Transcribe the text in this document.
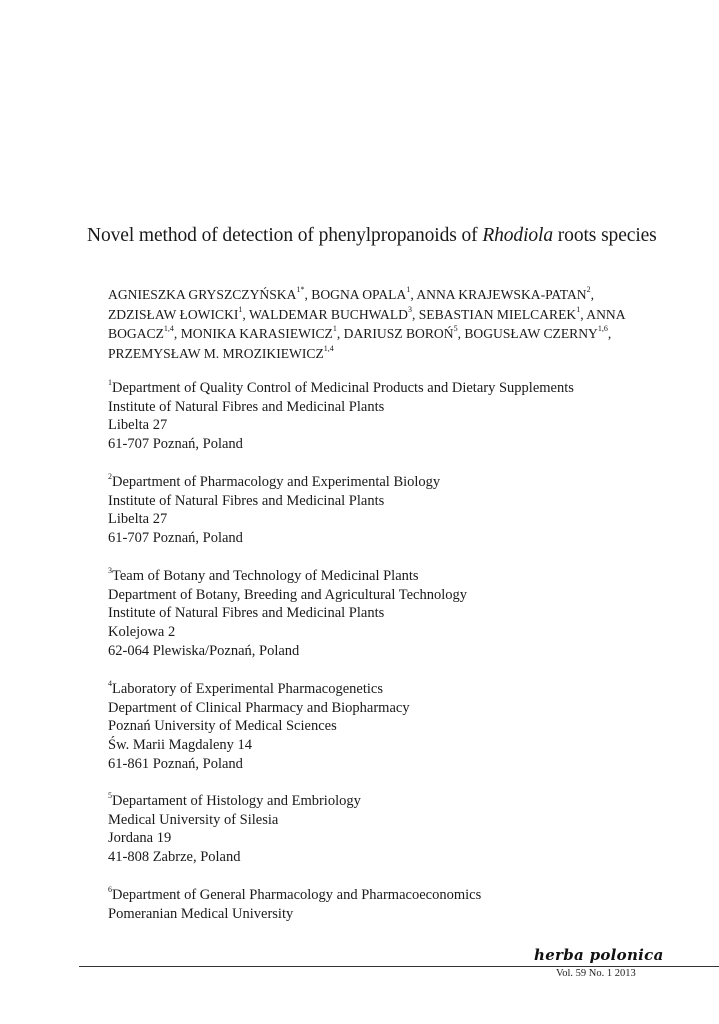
Novel method of detection of phenylpropanoids of Rhodiola roots species
AGNIESZKA $GRYSZCZYŃSKA^{1*}$, BOGNA OPALA$^1$, ANNA KRAJEWSKA-PATAN$^2$,
ZDZISŁAW ŁOWICKI$^1$, WALDEMAR BUCHWALD$^3$, SEBASTIAN MIELCAREK$^1$, ANNA
BOGACZ$^{1,4}$, MONIKA KARASIEWICZ$^1$, DARIUSZ BOROŃ$^5$, BOGUSŁAW CZERNY$^{1,6}$,
PRZEMYSŁAW M. MROZIKIEWICZ$^{1,4}$
$^1$Department of Quality Control of Medicinal Products and Dietary Supplements
Institute of Natural Fibres and Medicinal Plants
Libelta 27
61-707 Poznań, Poland
$^2$Department of Pharmacology and Experimental Biology
Institute of Natural Fibres and Medicinal Plants
Libelta 27
61-707 Poznań, Poland
$^3$Team of Botany and Technology of Medicinal Plants
Department of Botany, Breeding and Agricultural Technology
Institute of Natural Fibres and Medicinal Plants
Kolejowa 2
62-064 Plewiska/Poznań, Poland
$^4$Laboratory of Experimental Pharmacogenetics
Department of Clinical Pharmacy and Biopharmacy
Poznań University of Medical Sciences
Św. Marii Magdaleny 14
61-861 Poznań, Poland
$^5$Departament of Histology and Embriology
Medical University of Silesia
Jordana 19
41-808 Zabrze, Poland
$^6$Department of General Pharmacology and Pharmacoeconomics
Pomeranian Medical University
herba polonica
Vol. 59 No. 1 2013
